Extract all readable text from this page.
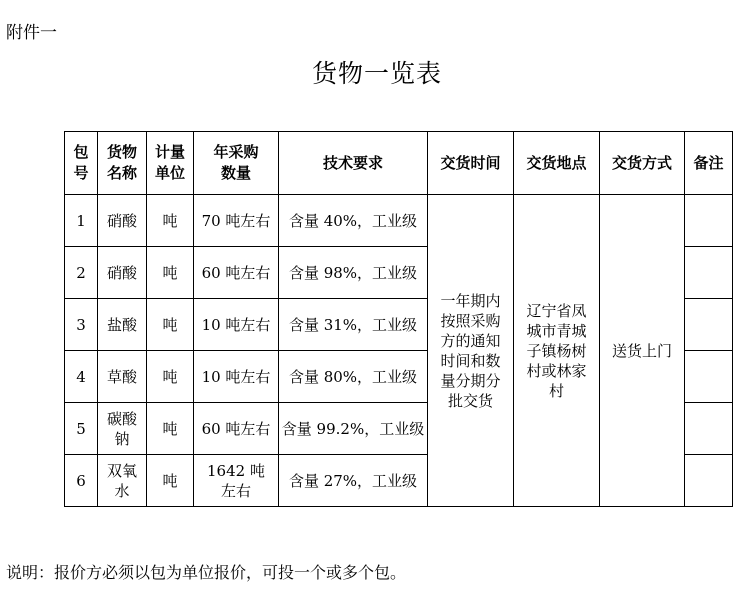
附件一
货物一览表
包号	货物名称	计量单位	年采购数量	技术要求	交货时间	交货地点	交货方式	备注
1	硝酸	吨	70 吨左右	含量 40%，工业级	一年期内按照采购方的通知时间和数量分期分批交货	辽宁省凤城市青城子镇杨树村或林家村	送货上门	
2	硝酸	吨	60 吨左右	含量 98%，工业级				
3	盐酸	吨	10 吨左右	含量 31%，工业级				
4	草酸	吨	10 吨左右	含量 80%，工业级				
5	碳酸钠	吨	60 吨左右	含量 99.2%，工业级				
6	双氧水	吨	1642 吨左右	含量 27%，工业级				
说明：报价方必须以包为单位报价，可投一个或多个包。
